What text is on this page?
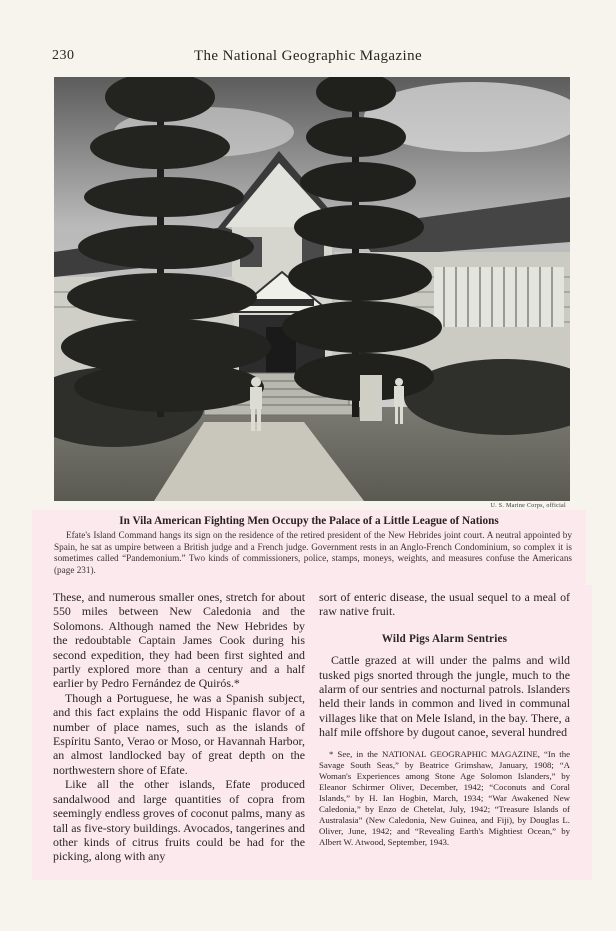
230	The National Geographic Magazine
U. S. Marine Corps, official
In Vila American Fighting Men Occupy the Palace of a Little League of Nations
Efate's Island Command hangs its sign on the residence of the retired president of the New Hebrides joint court. A neutral appointed by Spain, he sat as umpire between a British judge and a French judge. Government rests in an Anglo-French Condominium, so complex it is sometimes called “Pandemonium.” Two kinds of commissioners, police, stamps, moneys, weights, and measures confuse the Americans (page 231).

These, and numerous smaller ones, stretch for about 550 miles between New Caledonia and the Solomons. Although named the New Hebrides by the redoubtable Captain James Cook during his second expedition, they had been first sighted and partly explored more than a century and a half earlier by Pedro Fernández de Quirós.*

Though a Portuguese, he was a Spanish subject, and this fact explains the odd Hispanic flavor of a number of place names, such as the islands of Espíritu Santo, Verao or Moso, or Havannah Harbor, an almost landlocked bay of great depth on the northwestern shore of Efate.

Like all the other islands, Efate produced sandalwood and large quantities of copra from seemingly endless groves of coconut palms, many as tall as five-story buildings. Avocados, tangerines and other kinds of citrus fruits could be had for the picking, along with any

sort of enteric disease, the usual sequel to a meal of raw native fruit.

Wild Pigs Alarm Sentries

Cattle grazed at will under the palms and wild tusked pigs snorted through the jungle, much to the alarm of our sentries and nocturnal patrols. Islanders held their lands in common and lived in communal villages like that on Mele Island, in the bay. There, a half mile offshore by dugout canoe, several hundred

* See, in the NATIONAL GEOGRAPHIC MAGAZINE, “In the Savage South Seas,” by Beatrice Grimshaw, January, 1908; “A Woman's Experiences among Stone Age Solomon Islanders,” by Eleanor Schirmer Oliver, December, 1942; “Coconuts and Coral Islands,” by H. Ian Hogbin, March, 1934; “War Awakened New Caledonia,” by Enzo de Chetelat, July, 1942; “Treasure Islands of Australasia” (New Caledonia, New Guinea, and Fiji), by Douglas L. Oliver, June, 1942; and “Revealing Earth's Mightiest Ocean,” by Albert W. Atwood, September, 1943.
